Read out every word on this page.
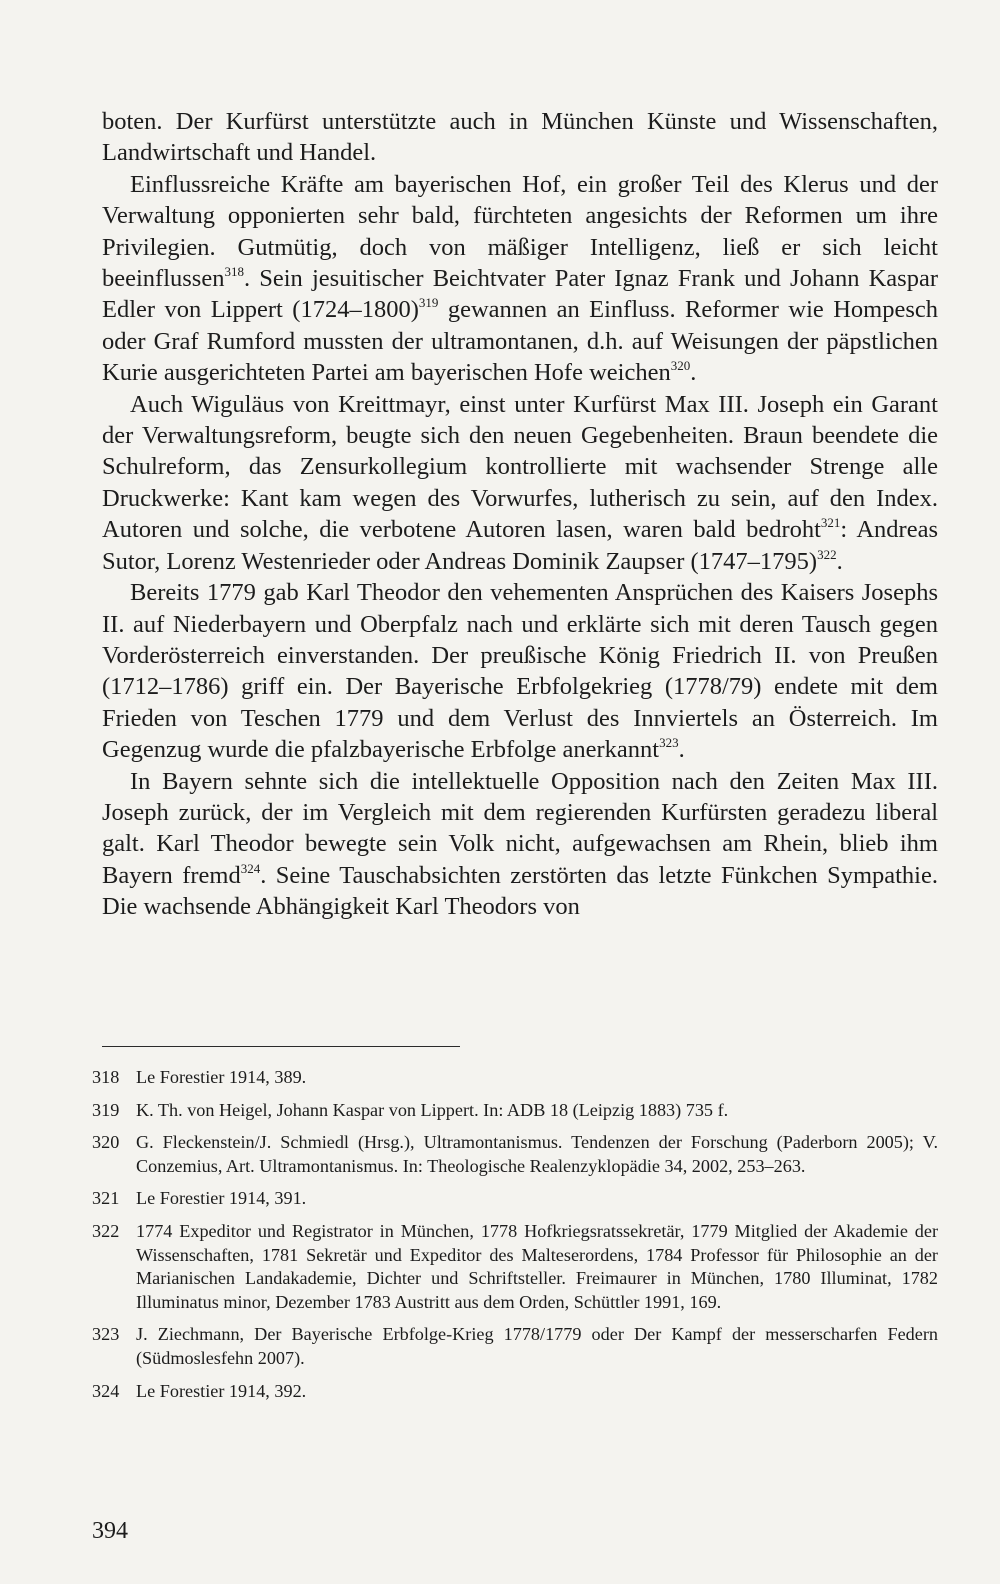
boten. Der Kurfürst unterstützte auch in München Künste und Wissenschaften, Landwirtschaft und Handel.

Einflussreiche Kräfte am bayerischen Hof, ein großer Teil des Klerus und der Verwaltung opponierten sehr bald, fürchteten angesichts der Reformen um ihre Privilegien. Gutmütig, doch von mäßiger Intelligenz, ließ er sich leicht beeinflussen$^{318}$. Sein jesuitischer Beichtvater Pater Ignaz Frank und Johann Kaspar Edler von Lippert (1724–1800)$^{319}$ gewannen an Einfluss. Reformer wie Hompesch oder Graf Rumford mussten der ultramontanen, d.h. auf Weisungen der päpstlichen Kurie ausgerichteten Partei am bayerischen Hofe weichen$^{320}$.

Auch Wiguläus von Kreittmayr, einst unter Kurfürst Max III. Joseph ein Garant der Verwaltungsreform, beugte sich den neuen Gegebenheiten. Braun beendete die Schulreform, das Zensurkollegium kontrollierte mit wachsender Strenge alle Druckwerke: Kant kam wegen des Vorwurfes, lutherisch zu sein, auf den Index. Autoren und solche, die verbotene Autoren lasen, waren bald bedroht$^{321}$: Andreas Sutor, Lorenz Westenrieder oder Andreas Dominik Zaupser (1747–1795)$^{322}$.

Bereits 1779 gab Karl Theodor den vehementen Ansprüchen des Kaisers Josephs II. auf Niederbayern und Oberpfalz nach und erklärte sich mit deren Tausch gegen Vorderösterreich einverstanden. Der preußische König Friedrich II. von Preußen (1712–1786) griff ein. Der Bayerische Erbfolgekrieg (1778/79) endete mit dem Frieden von Teschen 1779 und dem Verlust des Innviertels an Österreich. Im Gegenzug wurde die pfalzbayerische Erbfolge anerkannt$^{323}$.

In Bayern sehnte sich die intellektuelle Opposition nach den Zeiten Max III. Joseph zurück, der im Vergleich mit dem regierenden Kurfürsten geradezu liberal galt. Karl Theodor bewegte sein Volk nicht, aufgewachsen am Rhein, blieb ihm Bayern fremd$^{324}$. Seine Tauschabsichten zerstörten das letzte Fünkchen Sympathie. Die wachsende Abhängigkeit Karl Theodors von

318 Le Forestier 1914, 389.
319 K. Th. von Heigel, Johann Kaspar von Lippert. In: ADB 18 (Leipzig 1883) 735 f.
320 G. Fleckenstein/J. Schmiedl (Hrsg.), Ultramontanismus. Tendenzen der Forschung (Paderborn 2005); V. Conzemius, Art. Ultramontanismus. In: Theologische Realenzyklopädie 34, 2002, 253–263.
321 Le Forestier 1914, 391.
322 1774 Expeditor und Registrator in München, 1778 Hofkriegsratssekretär, 1779 Mitglied der Akademie der Wissenschaften, 1781 Sekretär und Expeditor des Malteserordens, 1784 Professor für Philosophie an der Marianischen Landakademie, Dichter und Schriftsteller. Freimaurer in München, 1780 Illuminat, 1782 Illuminatus minor, Dezember 1783 Austritt aus dem Orden, Schüttler 1991, 169.
323 J. Ziechmann, Der Bayerische Erbfolge-Krieg 1778/1779 oder Der Kampf der messerscharfen Federn (Südmoslesfehn 2007).
324 Le Forestier 1914, 392.
394
